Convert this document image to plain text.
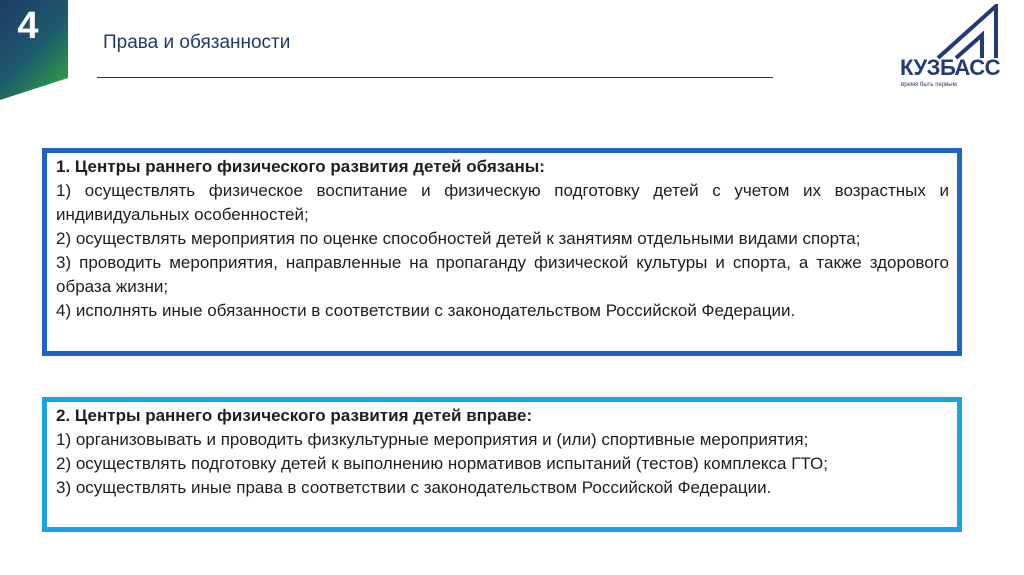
4	Права и обязанности
КУЗБАСС
время быть первым

1. Центры раннего физического развития детей обязаны:

1) осуществлять физическое воспитание и физическую подготовку детей с учетом их возрастных и индивидуальных особенностей;

2) осуществлять мероприятия по оценке способностей детей к занятиям отдельными видами спорта;

3) проводить мероприятия, направленные на пропаганду физической культуры и спорта, а также здорового образа жизни;

4) исполнять иные обязанности в соответствии с законодательством Российской Федерации.

2. Центры раннего физического развития детей вправе:

1) организовывать и проводить физкультурные мероприятия и (или) спортивные мероприятия;

2) осуществлять подготовку детей к выполнению нормативов испытаний (тестов) комплекса ГТО;

3) осуществлять иные права в соответствии с законодательством Российской Федерации.
